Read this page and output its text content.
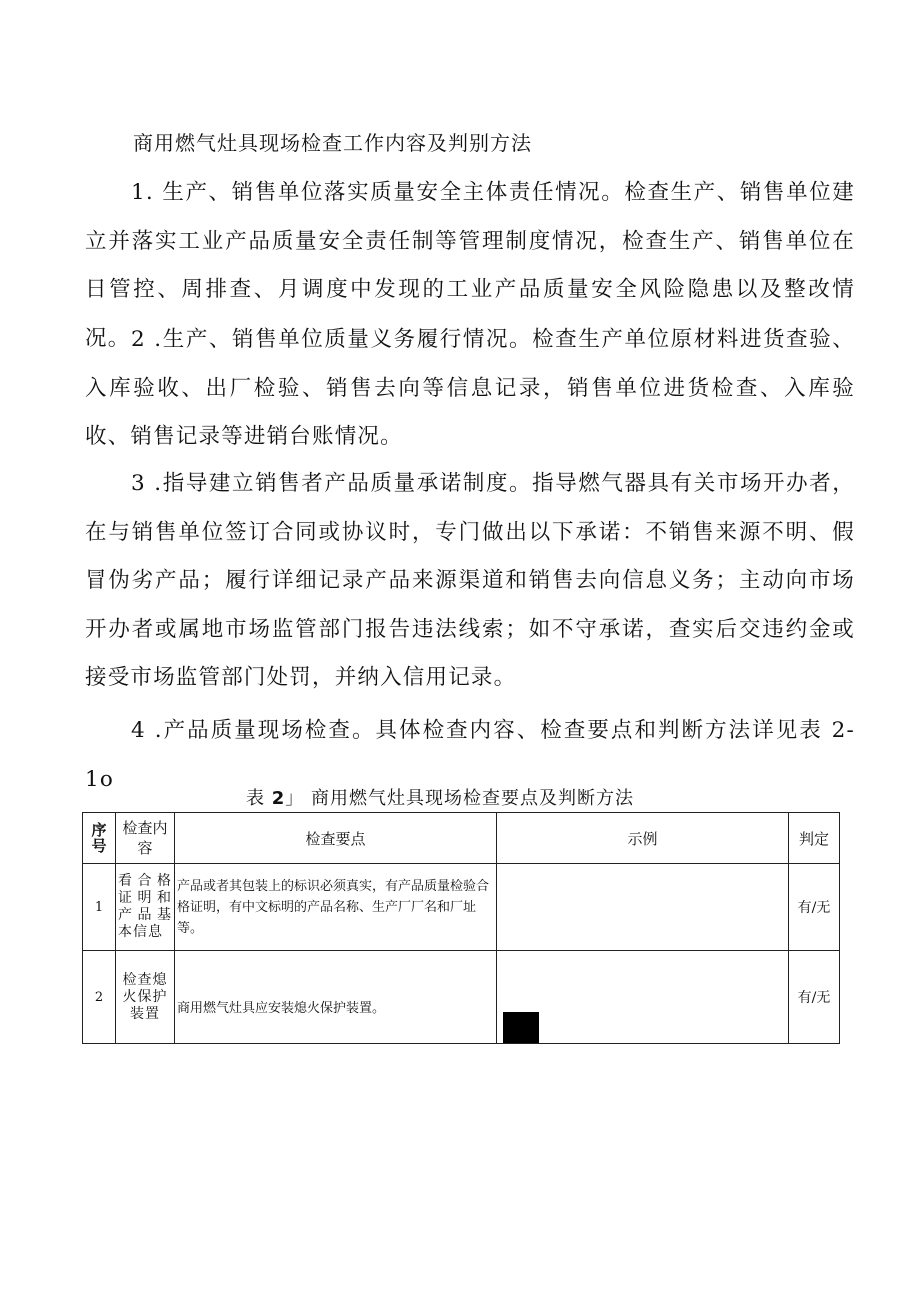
商用燃气灶具现场检查工作内容及判别方法

1. 生产、销售单位落实质量安全主体责任情况。检查生产、销售单位建立并落实工业产品质量安全责任制等管理制度情况，检查生产、销售单位在日管控、周排查、月调度中发现的工业产品质量安全风险隐患以及整改情况。 2 .生产、销售单位质量义务履行情况。检查生产单位原材料进货查验、入库验收、出厂检验、销售去向等信息记录，销售单位进货检查、入库验收、销售记录等进销台账情况。

3 .指导建立销售者产品质量承诺制度。指导燃气器具有关市场开办者，在与销售单位签订合同或协议时，专门做出以下承诺：不销售来源不明、假冒伪劣产品；履行详细记录产品来源渠道和销售去向信息义务；主动向市场开办者或属地市场监管部门报告违法线索；如不守承诺，查实后交违约金或接受市场监管部门处罚，并纳入信用记录。

4 .产品质量现场检查。具体检查内容、检查要点和判断方法详见表 2-1o

表 2」 商用燃气灶具现场检查要点及判断方法
序号	检查内容	检查要点	示例	判定
1	看合格证明和产品基本信息	产品或者其包装上的标识必须真实，有产品质量检验合格证明，有中文标明的产品名称、生产厂厂名和厂址等。		有/无
2	检查熄火保护装置	商用燃气灶具应安装熄火保护装置。		有/无
